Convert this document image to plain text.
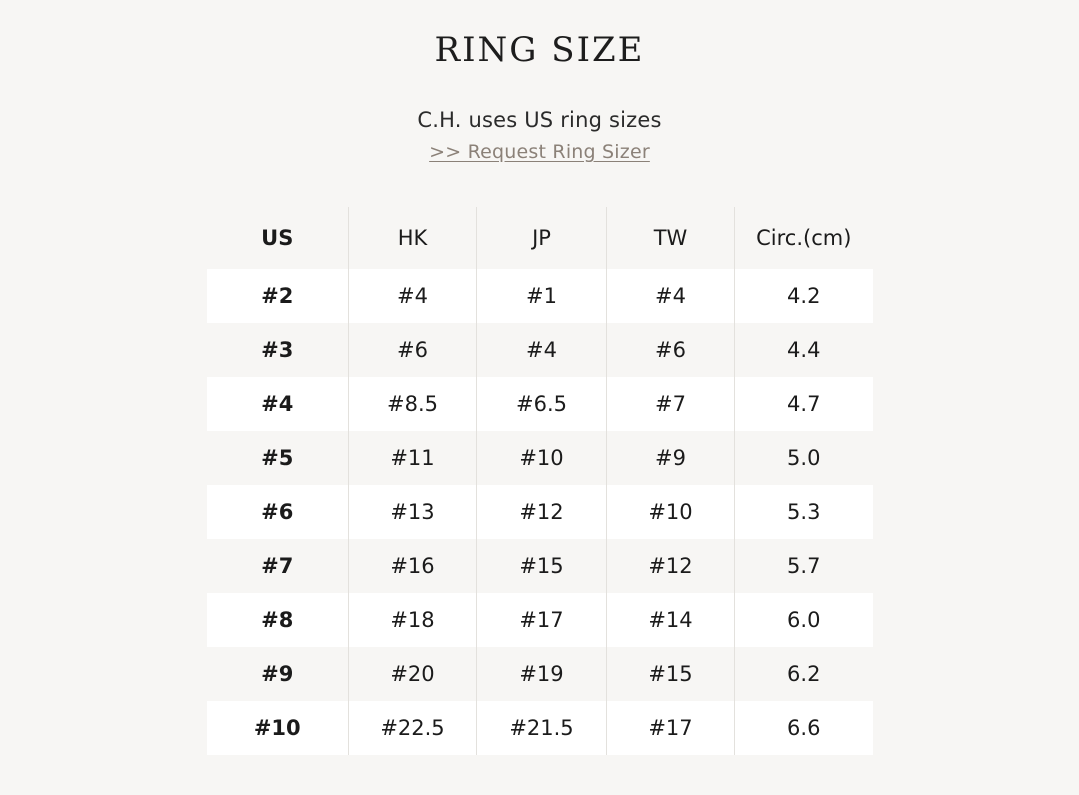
RING SIZE
C.H. uses US ring sizes
>> Request Ring Sizer
US	HK	JP	TW	Circ.(cm)
#2	#4	#1	#4	4.2
#3	#6	#4	#6	4.4
#4	#8.5	#6.5	#7	4.7
#5	#11	#10	#9	5.0
#6	#13	#12	#10	5.3
#7	#16	#15	#12	5.7
#8	#18	#17	#14	6.0
#9	#20	#19	#15	6.2
#10	#22.5	#21.5	#17	6.6
